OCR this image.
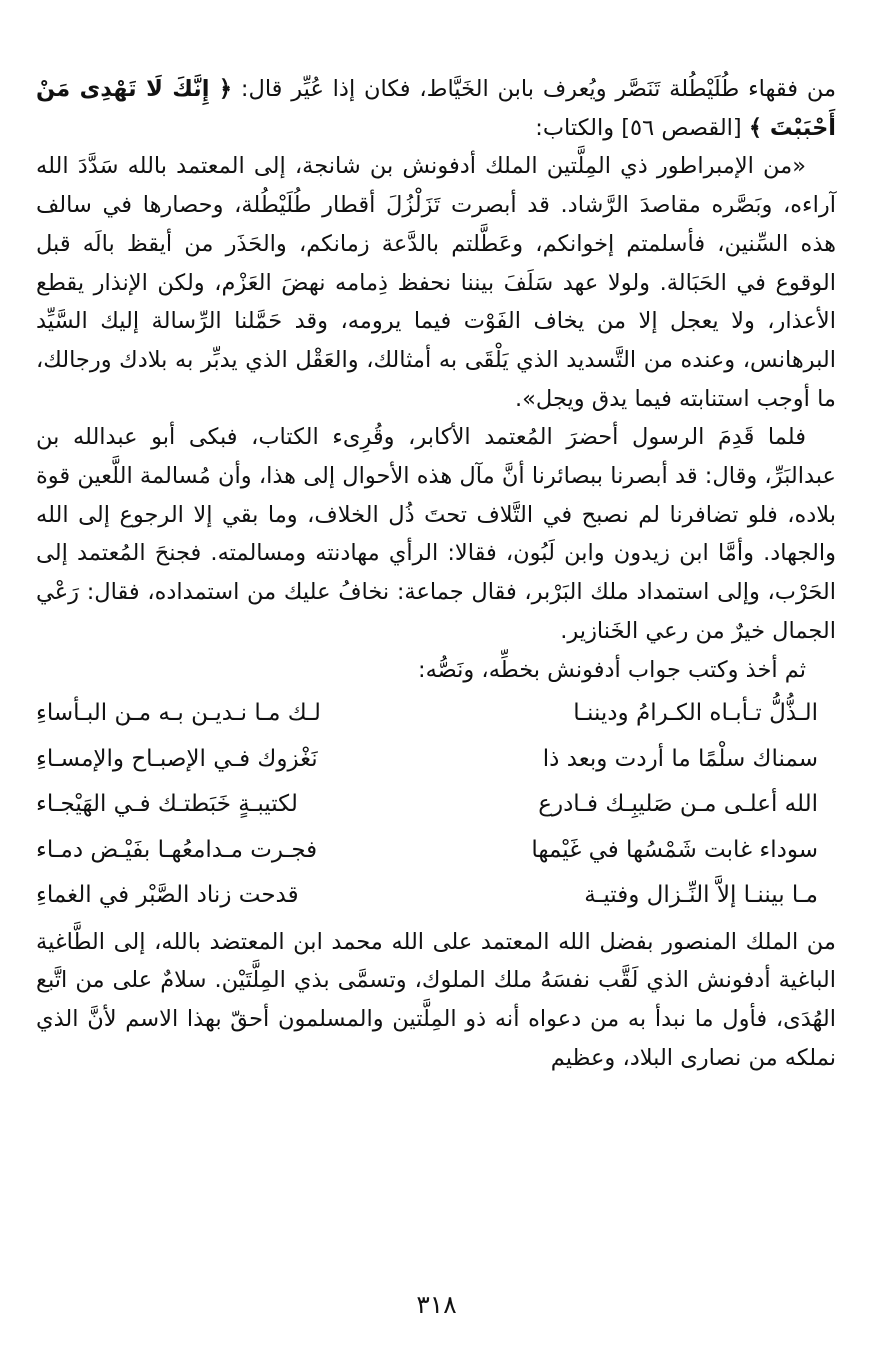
من فقهاء طُلَيْطُلة تَنَصَّر ويُعرف بابن الخَيَّاط، فكان إذا عُيِّر قال: ﴿ إِنَّكَ لَا تَهْدِى مَنْ أَحْبَبْتَ ﴾ [القصص ٥٦] والكتاب:

«من الإمبراطور ذي المِلَّتين الملك أدفونش بن شانجة، إلى المعتمد بالله سَدَّدَ الله آراءه، وبَصَّره مقاصدَ الرَّشاد. قد أبصرت تَزَلْزُلَ أقطار طُلَيْطُلة، وحصارها في سالف هذه السِّنين، فأسلمتم إخوانكم، وعَطَّلتم بالدَّعة زمانكم، والحَذَر من أيقظ بالَه قبل الوقوع في الحَبَالة. ولولا عهد سَلَفَ بيننا نحفظ ذِمامه نهضَ العَزْم، ولكن الإنذار يقطع الأعذار، ولا يعجل إلا من يخاف الفَوْت فيما يرومه، وقد حَمَّلنا الرِّسالة إليك السَّيِّد البرهانس، وعنده من التَّسديد الذي يَلْقَى به أمثالك، والعَقْل الذي يدبِّر به بلادك ورجالك، ما أوجب استنابته فيما يدق ويجل».

فلما قَدِمَ الرسول أحضرَ المُعتمد الأكابر، وقُرِىء الكتاب، فبكى أبو عبدالله بن عبدالبَرِّ، وقال: قد أبصرنا ببصائرنا أنَّ مآل هذه الأحوال إلى هذا، وأن مُسالمة اللَّعين قوة بلاده، فلو تضافرنا لم نصبح في التَّلاف تحتَ ذُل الخلاف، وما بقي إلا الرجوع إلى الله والجهاد. وأمَّا ابن زيدون وابن لَبُون، فقالا: الرأي مهادنته ومسالمته. فجنحَ المُعتمد إلى الحَرْب، وإلى استمداد ملك البَرْبر، فقال جماعة: نخافُ عليك من استمداده، فقال: رَعْي الجمال خيرٌ من رعي الخَنازير.

ثم أخذ وكتب جواب أدفونش بخطِّه، ونَصُّه:

الـذُّلُّ تـأبـاه الكـرامُ وديننـا
لـك مـا نـديـن بـه مـن البـأساءِ
سمناك سلْمًا ما أردت وبعد ذا
نَغْزوك فـي الإصبـاح والإمسـاءِ
الله أعلـى مـن صَليبِـك فـادرع
لكتيبـةٍ خَبَطتـك فـي الهَيْجـاء
سوداء غابت شَمْسُها في غَيْمها
فجـرت مـدامعُهـا بفَيْـض دمـاء
مـا بيننـا إلاَّ النِّـزال وفتيـة
قدحت زناد الصَّبْر في الغماءِ

من الملك المنصور بفضل الله المعتمد على الله محمد ابن المعتضد بالله، إلى الطَّاغية الباغية أدفونش الذي لَقَّب نفسَهُ ملك الملوك، وتسمَّى بذي المِلَّتَيْن. سلامٌ على من اتَّبع الهُدَى، فأول ما نبدأ به من دعواه أنه ذو المِلَّتين والمسلمون أحقّ بهذا الاسم لأنَّ الذي نملكه من نصارى البلاد، وعظيم

٣١٨
